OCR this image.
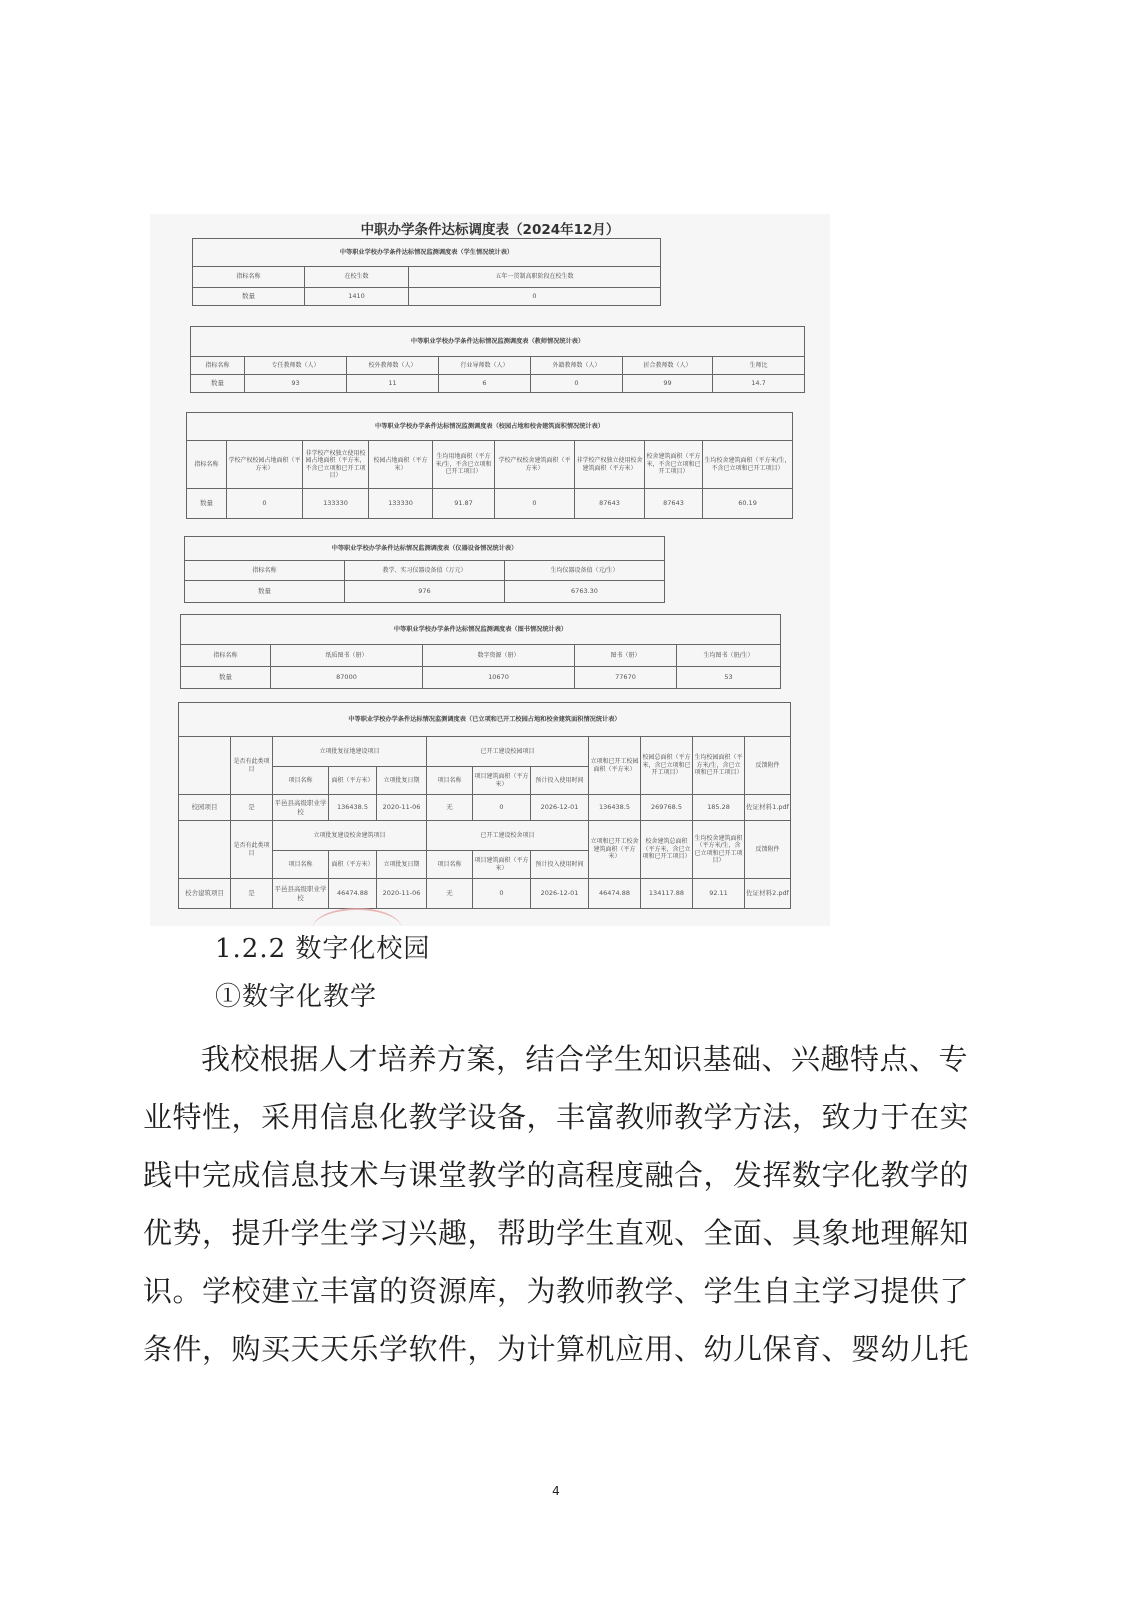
中职办学条件达标调度表（2024年12月）
中等职业学校办学条件达标情况监测调度表（学生情况统计表）		
指标名称	在校生数	五年一贯制高职阶段在校生数
数量	1410	0
中等职业学校办学条件达标情况监测调度表（教师情况统计表）						
指标名称	专任教师数（人）	校外教师数（人）	行业导师数（人）	外籍教师数（人）	折合教师数（人）	生师比
数量	93	11	6	0	99	14.7
中等职业学校办学条件达标情况监测调度表（校园占地和校舍建筑面积情况统计表）								
指标名称	学校产权校园占地面积（平方米）	非学校产权独立使用校园占地面积（平方米，不含已立项和已开工项目）	校园占地面积（平方米）	生均用地面积（平方米/生，不含已立项和已开工项目）	学校产权校舍建筑面积（平方米）	非学校产权独立使用校舍建筑面积（平方米）	校舍建筑面积（平方米，不含已立项和已开工项目）	生均校舍建筑面积（平方米/生，不含已立项和已开工项目）
数量	0	133330	133330	91.87	0	87643	87643	60.19
中等职业学校办学条件达标情况监测调度表（仪器设备情况统计表）		
指标名称	教学、实习仪器设备值（万元）	生均仪器设备值（元/生）
数量	976	6763.30
中等职业学校办学条件达标情况监测调度表（图书情况统计表）				
指标名称	纸质图书（册）	数字资源（册）	图书（册）	生均图书（册/生）
数量	87000	10670	77670	53
中等职业学校办学条件达标情况监测调度表（已立项和已开工校园占地和校舍建筑面积情况统计表）											
	是否有此类项目	立项批复征地建设项目			已开工建设校园项目			立项和已开工校园面积（平方米）	校园总面积（平方米，含已立项和已开工项目）	生均校园面积（平方米/生，含已立项和已开工项目）	反馈附件
		项目名称	面积（平方米）	立项批复日期	项目名称	项目建筑面积（平方米）	预计投入使用时间				
校园项目	是	平邑县高级职业学校	136438.5	2020-11-06	无	0	2026-12-01	136438.5	269768.5	185.28	佐证材料1.pdf
	是否有此类项目	立项批复建设校舍建筑项目			已开工建设校舍项目			立项和已开工校舍建筑面积（平方米）	校舍建筑总面积（平方米，含已立项和已开工项目）	生均校舍建筑面积（平方米/生，含已立项和已开工项目）	反馈附件
		项目名称	面积（平方米）	立项批复日期	项目名称	项目建筑面积（平方米）	预计投入使用时间				
校舍建筑项目	是	平邑县高级职业学校	46474.88	2020-11-06	无	0	2026-12-01	46474.88	134117.88	92.11	佐证材料2.pdf
1.2.2 数字化校园
①数字化教学
我校根据人才培养方案，结合学生知识基础、兴趣特点、专
业特性，采用信息化教学设备，丰富教师教学方法，致力于在实
践中完成信息技术与课堂教学的高程度融合，发挥数字化教学的
优势，提升学生学习兴趣，帮助学生直观、全面、具象地理解知
识。学校建立丰富的资源库，为教师教学、学生自主学习提供了
条件，购买天天乐学软件，为计算机应用、幼儿保育、婴幼儿托
4
